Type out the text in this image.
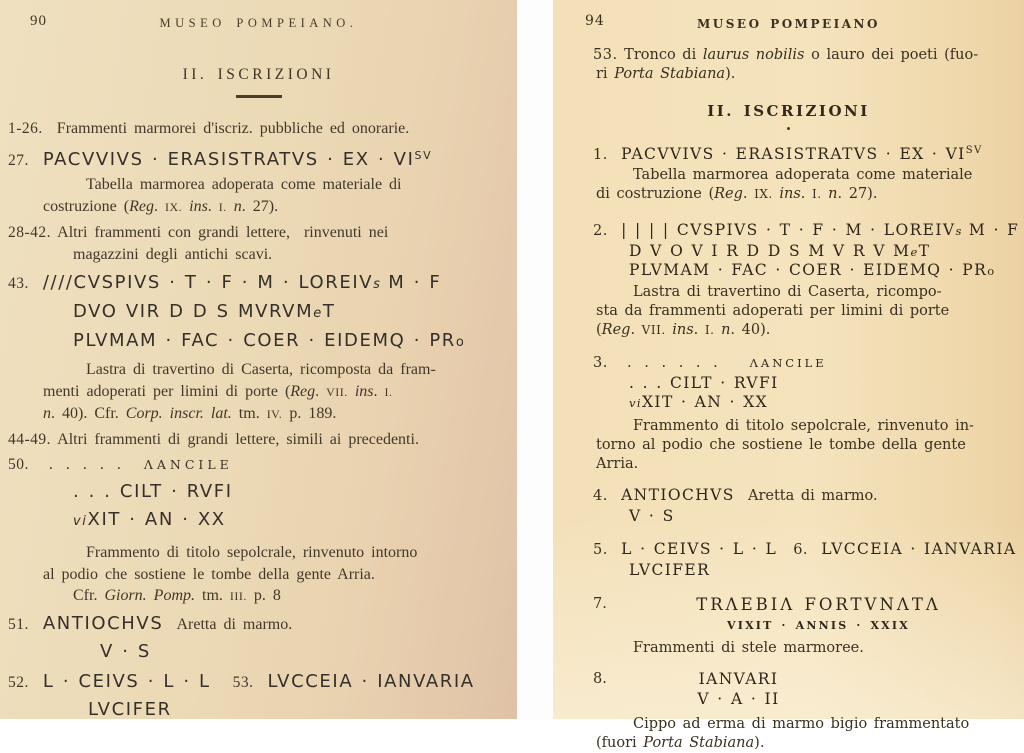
90	MUSEO POMPEIANO.
II. ISCRIZIONI
1-26.  Frammenti marmorei d'iscriz. pubbliche ed onorarie.
27. PACVVIVS · ERASISTRATVS · EX · $VI^{SV}$
Tabella marmorea adoperata come materiale di
costruzione (Reg. IX. ins. I. n. 27).
28-42. Altri frammenti con grandi lettere,  rinvenuti nei
magazzini degli antichi scavi.
43. ////CVSPIVS · T · F · M · LOREIVs M · F
DVO VIR D D S MVRVMeT
PLVMAM · FAC · COER · EIDEMQ · PRo
Lastra di travertino di Caserta, ricomposta da fram-
menti adoperati per limini di porte (Reg. VII. ins. I.
n. 40). Cfr. Corp. inscr. lat. tm. IV. p. 189.
44-49. Altri frammenti di grandi lettere, simili ai precedenti.
50.  . . . . .  ΛANCILE
. . . CILT · RVFI
viXIT · AN · XX
Frammento di titolo sepolcrale, rinvenuto intorno
al podio che sostiene le tombe della gente Arria.
Cfr. Giorn. Pomp. tm. III. p. 8
51. ANTIOCHVS  Aretta di marmo.
V · S
52. L · CEIVS · L · L 53. LVCCEIA · IANVARIA
LVCIFER
94	MUSEO POMPEIANO
53. Tronco di laurus nobilis o lauro dei poeti (fuo-
ri Porta Stabiana).
II. ISCRIZIONI
1. PACVVIVS · ERASISTRATVS · EX · $VI^{SV}$
Tabella marmorea adoperata come materiale
di costruzione (Reg. IX. ins. I. n. 27).
2. | | | | CVSPIVS · T · F · M · LOREIVs M · F
D V O V I R D D S M V R V MeT
PLVMAM · FAC · COER · EIDEMQ · PRo
Lastra di travertino di Caserta, ricompo-
sta da frammenti adoperati per limini di porte
(Reg. VII. ins. I. n. 40).
3.  . . . . . .   ΛANCILE
. . . CILT · RVFI
viXIT · AN · XX
Frammento di titolo sepolcrale, rinvenuto in-
torno al podio che sostiene le tombe della gente
Arria.
4. ANTIOCHVS  Aretta di marmo.
V · S
5. L · CEIVS · L · L 6. LVCCEIA · IANVARIA
LVCIFER
7.	TRΛEBIΛ FORTVNΛTΛ
VIXIT · ANNIS · XXIX
Frammenti di stele marmoree.
8.	IANVARI
V · A · II
Cippo ad erma di marmo bigio frammentato
(fuori Porta Stabiana).
